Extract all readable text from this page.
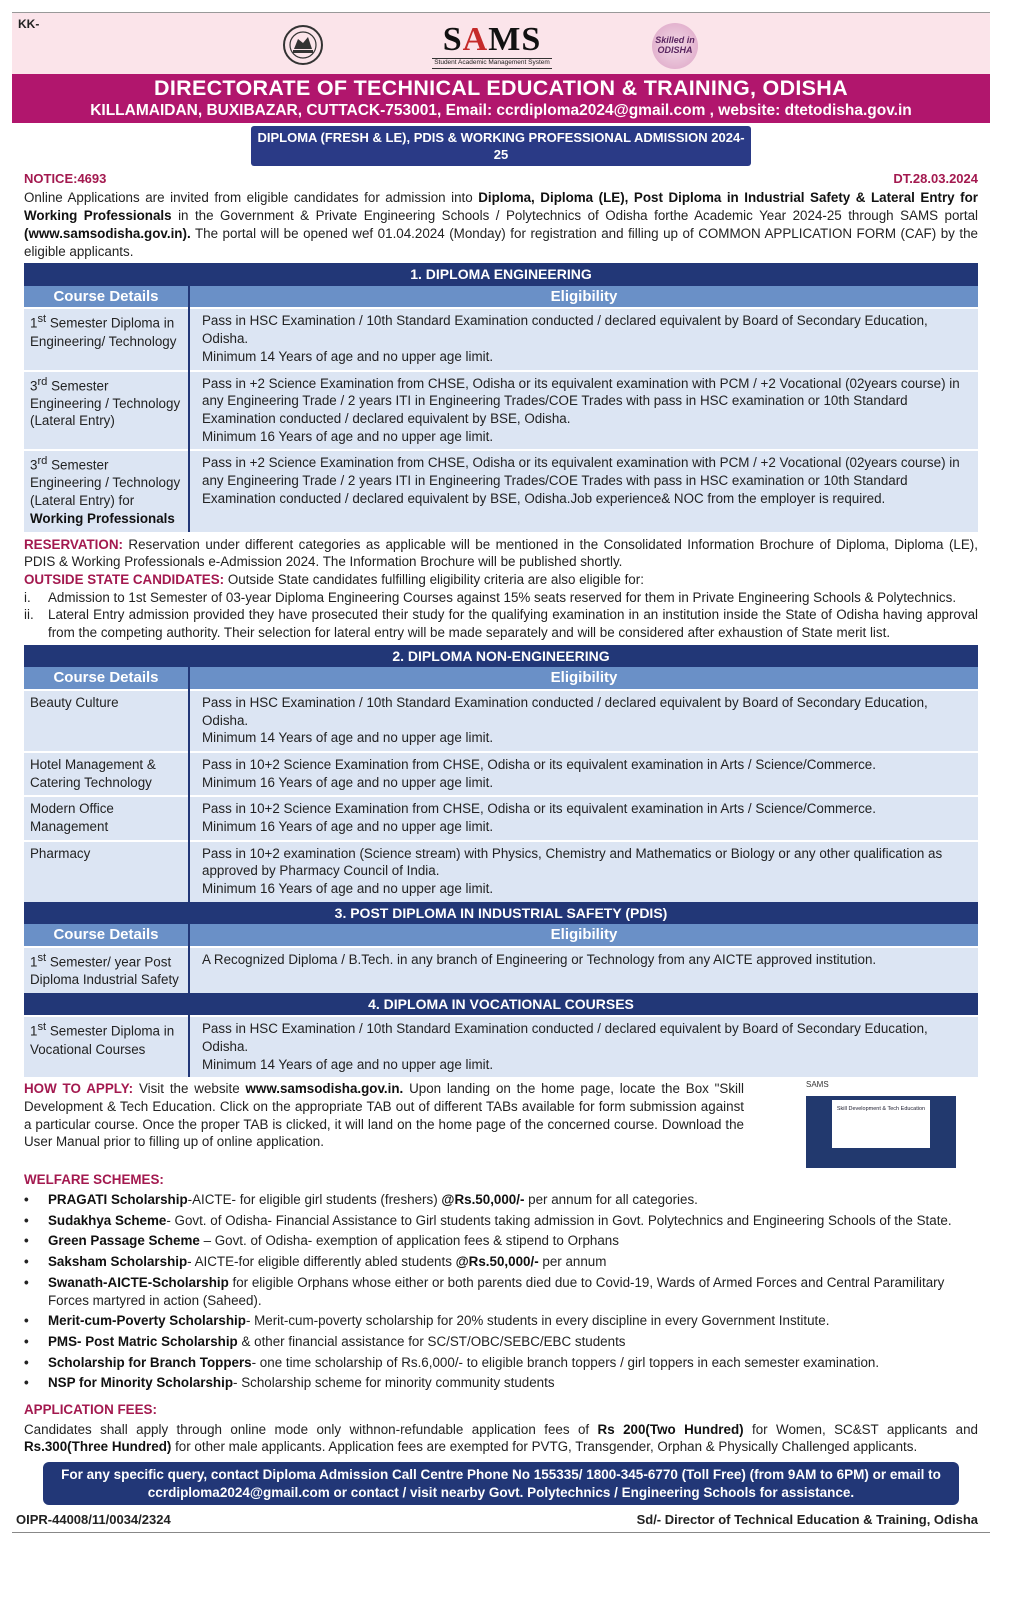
KK-	SAMS
Student Academic Management System
Skilled in
ODISHA
DIRECTORATE OF TECHNICAL EDUCATION & TRAINING, ODISHA
KILLAMAIDAN, BUXIBAZAR, CUTTACK-753001, Email: ccrdiploma2024@gmail.com , website: dtetodisha.gov.in
DIPLOMA (FRESH & LE), PDIS & WORKING PROFESSIONAL ADMISSION 2024-25
NOTICE:4693	DT.28.03.2024
Online Applications are invited from eligible candidates for admission into Diploma, Diploma (LE), Post Diploma in Industrial Safety & Lateral Entry for Working Professionals in the Government & Private Engineering Schools / Polytechnics of Odisha forthe Academic Year 2024-25 through SAMS portal (www.samsodisha.gov.in). The portal will be opened wef 01.04.2024 (Monday) for registration and filling up of COMMON APPLICATION FORM (CAF) by the eligible applicants.
1. DIPLOMA ENGINEERING	
Course Details	Eligibility
1st Semester Diploma in Engineering/ Technology	Pass in HSC Examination / 10th Standard Examination conducted / declared equivalent by Board of Secondary Education, Odisha.
Minimum 14 Years of age and no upper age limit.
3rd Semester Engineering / Technology (Lateral Entry)	Pass in +2 Science Examination from CHSE, Odisha or its equivalent examination with PCM / +2 Vocational (02years course) in any Engineering Trade / 2 years ITI in Engineering Trades/COE Trades with pass in HSC examination or 10th Standard Examination conducted / declared equivalent by BSE, Odisha.
Minimum 16 Years of age and no upper age limit.
3rd Semester Engineering / Technology (Lateral Entry) for Working Professionals	Pass in +2 Science Examination from CHSE, Odisha or its equivalent examination with PCM / +2 Vocational (02years course) in any Engineering Trade / 2 years ITI in Engineering Trades/COE Trades with pass in HSC examination or 10th Standard Examination conducted / declared equivalent by BSE, Odisha.Job experience& NOC from the employer is required.
RESERVATION: Reservation under different categories as applicable will be mentioned in the Consolidated Information Brochure of Diploma, Diploma (LE), PDIS & Working Professionals e-Admission 2024. The Information Brochure will be published shortly.
OUTSIDE STATE CANDIDATES: Outside State candidates fulfilling eligibility criteria are also eligible for:
i.	Admission to 1st Semester of 03-year Diploma Engineering Courses against 15% seats reserved for them in Private Engineering Schools & Polytechnics.
ii.	Lateral Entry admission provided they have prosecuted their study for the qualifying examination in an institution inside the State of Odisha having approval from the competing authority. Their selection for lateral entry will be made separately and will be considered after exhaustion of State merit list.
2. DIPLOMA NON-ENGINEERING	
Course Details	Eligibility
Beauty Culture	Pass in HSC Examination / 10th Standard Examination conducted / declared equivalent by Board of Secondary Education, Odisha.
Minimum 14 Years of age and no upper age limit.
Hotel Management & Catering Technology	Pass in 10+2 Science Examination from CHSE, Odisha or its equivalent examination in Arts / Science/Commerce.
Minimum 16 Years of age and no upper age limit.
Modern Office Management	Pass in 10+2 Science Examination from CHSE, Odisha or its equivalent examination in Arts / Science/Commerce.
Minimum 16 Years of age and no upper age limit.
Pharmacy	Pass in 10+2 examination (Science stream) with Physics, Chemistry and Mathematics or Biology or any other qualification as approved by Pharmacy Council of India.
Minimum 16 Years of age and no upper age limit.
3. POST DIPLOMA IN INDUSTRIAL SAFETY (PDIS)	
Course Details	Eligibility
1st Semester/ year Post Diploma Industrial Safety	A Recognized Diploma / B.Tech. in any branch of Engineering or Technology from any AICTE approved institution.
4. DIPLOMA IN VOCATIONAL COURSES	
1st Semester Diploma in Vocational Courses	Pass in HSC Examination / 10th Standard Examination conducted / declared equivalent by Board of Secondary Education, Odisha.
Minimum 14 Years of age and no upper age limit.
HOW TO APPLY: Visit the website www.samsodisha.gov.in. Upon landing on the home page, locate the Box "Skill Development & Tech Education. Click on the appropriate TAB out of different TABs available for form submission against a particular course. Once the proper TAB is clicked, it will land on the home page of the concerned course. Download the User Manual prior to filling up of online application.
SAMS
Skill Development & Tech Education
WELFARE SCHEMES:
•	PRAGATI Scholarship-AICTE- for eligible girl students (freshers) @Rs.50,000/- per annum for all categories.
•	Sudakhya Scheme- Govt. of Odisha- Financial Assistance to Girl students taking admission in Govt. Polytechnics and Engineering Schools of the State.
•	Green Passage Scheme – Govt. of Odisha- exemption of application fees & stipend to Orphans
•	Saksham Scholarship- AICTE-for eligible differently abled students @Rs.50,000/- per annum
•	Swanath-AICTE-Scholarship for eligible Orphans whose either or both parents died due to Covid-19, Wards of Armed Forces and Central Paramilitary Forces martyred in action (Saheed).
•	Merit-cum-Poverty Scholarship- Merit-cum-poverty scholarship for 20% students in every discipline in every Government Institute.
•	PMS- Post Matric Scholarship & other financial assistance for SC/ST/OBC/SEBC/EBC students
•	Scholarship for Branch Toppers- one time scholarship of Rs.6,000/- to eligible branch toppers / girl toppers in each semester examination.
•	NSP for Minority Scholarship- Scholarship scheme for minority community students
APPLICATION FEES:
Candidates shall apply through online mode only withnon-refundable application fees of Rs 200(Two Hundred) for Women, SC&ST applicants and Rs.300(Three Hundred) for other male applicants. Application fees are exempted for PVTG, Transgender, Orphan & Physically Challenged applicants.
For any specific query, contact Diploma Admission Call Centre Phone No 155335/ 1800-345-6770 (Toll Free) (from 9AM to 6PM) or email to ccrdiploma2024@gmail.com or contact / visit nearby Govt. Polytechnics / Engineering Schools for assistance.
OIPR-44008/11/0034/2324	Sd/- Director of Technical Education & Training, Odisha
